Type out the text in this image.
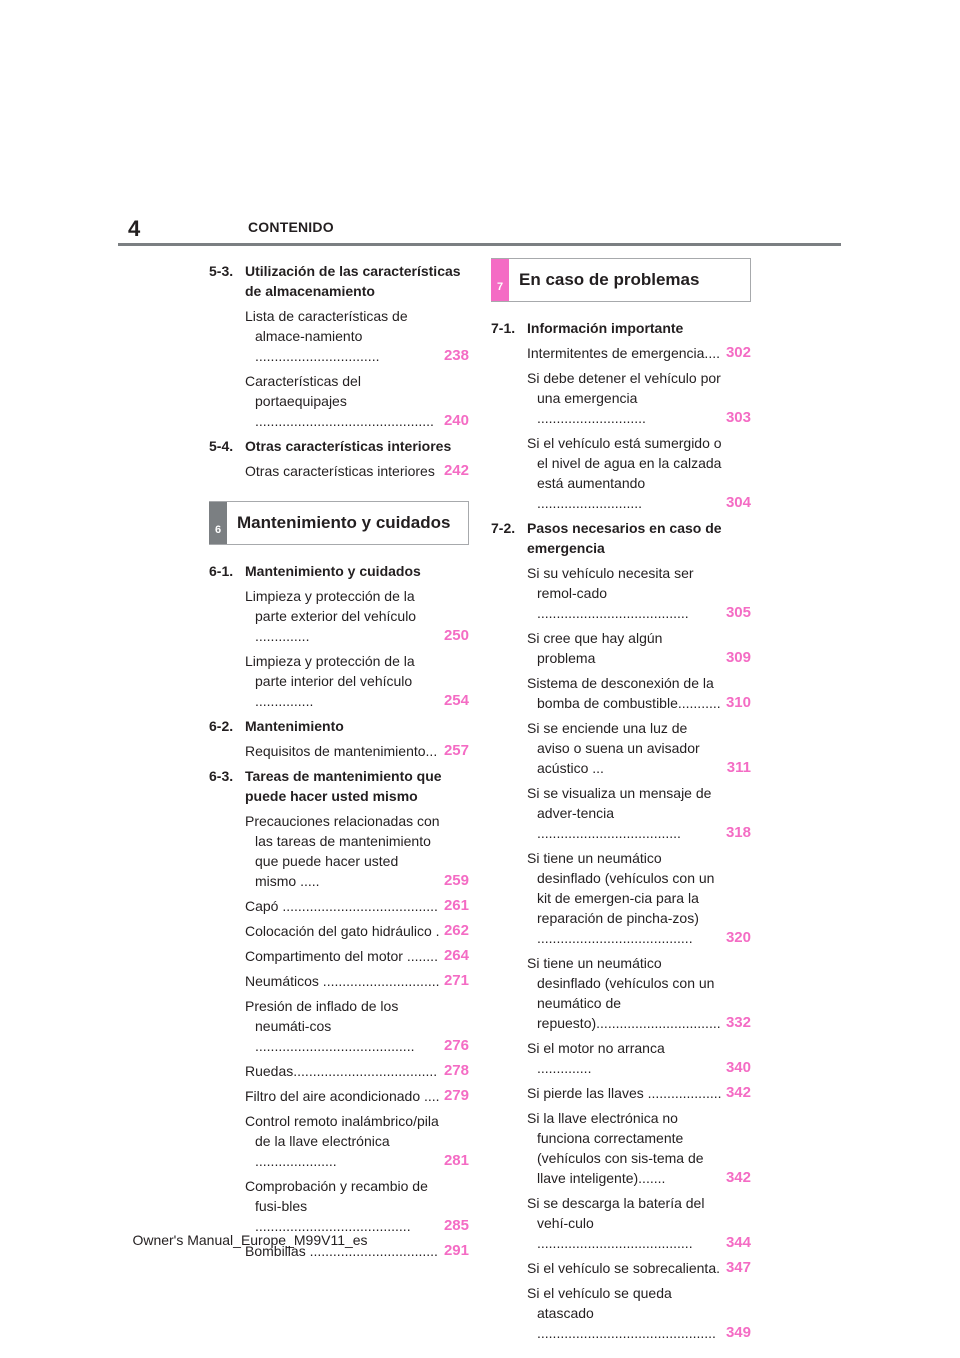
4	CONTENIDO
5-3. Utilización de las características de almacenamiento
Lista de características de almace-namiento ................................	238
Características del portaequipajes .............................................. 240
5-4. Otras características interiores
Otras características interiores 242
6 Mantenimiento y cuidados
6-1. Mantenimiento y cuidados
Limpieza y protección de la parte exterior del vehículo ..............	250
Limpieza y protección de la parte interior del vehículo ...............	254
6-2. Mantenimiento
Requisitos de mantenimiento... 257
6-3. Tareas de mantenimiento que puede hacer usted mismo
Precauciones relacionadas con las tareas de mantenimiento que puede hacer usted mismo .....	259
Capó ........................................ 261
Colocación del gato hidráulico . 262
Compartimento del motor ........ 264
Neumáticos .............................. 271
Presión de inflado de los neumáti-cos .........................................	276
Ruedas..................................... 278
Filtro del aire acondicionado .... 279
Control remoto inalámbrico/pila de la llave electrónica .....................	281
Comprobación y recambio de fusi-bles ........................................	285
Bombillas ................................. 291
7 En caso de problemas
7-1. Información importante
Intermitentes de emergencia.... 302
Si debe detener el vehículo por una emergencia ............................	303
Si el vehículo está sumergido o el nivel de agua en la calzada está aumentando ...........................	304
7-2. Pasos necesarios en caso de emergencia
Si su vehículo necesita ser remol-cado .......................................	305
Si cree que hay algún problema	309
Sistema de desconexión de la bomba de combustible........... 310
Si se enciende una luz de aviso o suena un avisador acústico ...	311
Si se visualiza un mensaje de adver-tencia .....................................	318
Si tiene un neumático desinflado (vehículos con un kit de emergen-cia para la reparación de pincha-zos) ........................................	320
Si tiene un neumático desinflado (vehículos con un neumático de repuesto)................................ 332
Si el motor no arranca ..............	340
Si pierde las llaves ................... 342
Si la llave electrónica no funciona correctamente (vehículos con sis-tema de llave inteligente).......	342
Si se descarga la batería del vehí-culo ........................................	344
Si el vehículo se sobrecalienta. 347
Si el vehículo se queda atascado .............................................. 349
Owner's Manual_Europe_M99V11_es
